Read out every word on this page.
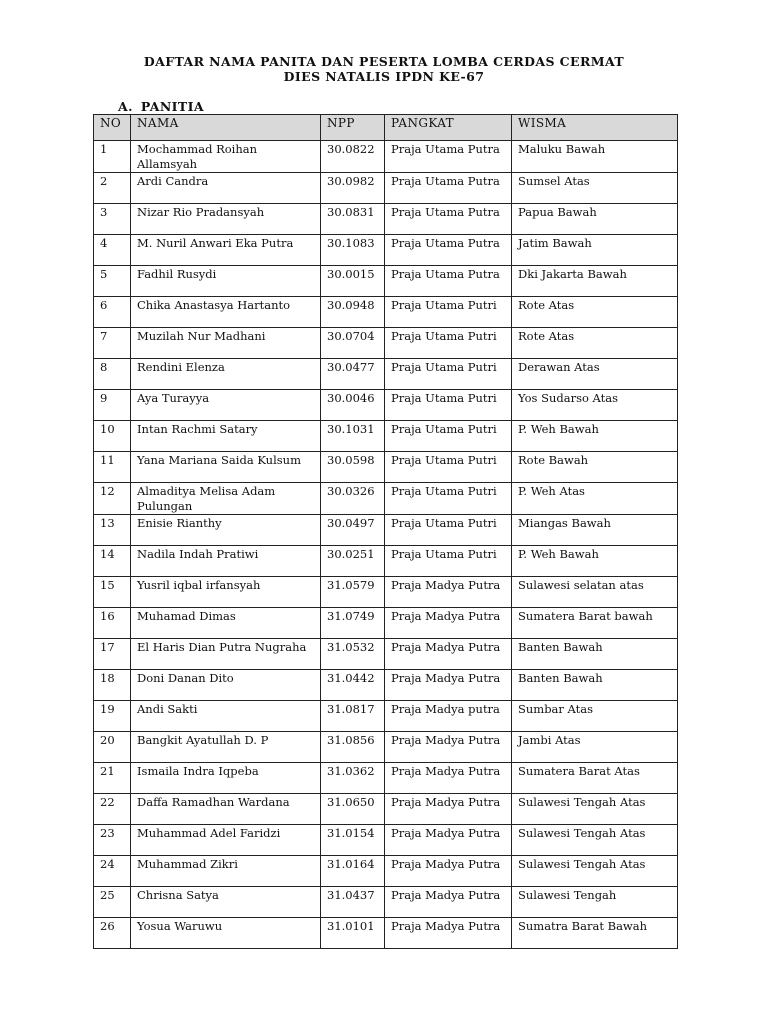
DAFTAR NAMA PANITA DAN PESERTA LOMBA CERDAS CERMAT
DIES NATALIS IPDN KE-67
A. PANITIA
NO	NAMA	NPP	PANGKAT	WISMA
1	Mochammad Roihan Allamsyah	30.0822	Praja Utama Putra	Maluku Bawah
2	Ardi Candra	30.0982	Praja Utama Putra	Sumsel Atas
3	Nizar Rio Pradansyah	30.0831	Praja Utama Putra	Papua Bawah
4	M. Nuril Anwari Eka Putra	30.1083	Praja Utama Putra	Jatim Bawah
5	Fadhil Rusydi	30.0015	Praja Utama Putra	Dki Jakarta Bawah
6	Chika Anastasya Hartanto	30.0948	Praja Utama Putri	Rote Atas
7	Muzilah Nur Madhani	30.0704	Praja Utama Putri	Rote Atas
8	Rendini Elenza	30.0477	Praja Utama Putri	Derawan Atas
9	Aya Turayya	30.0046	Praja Utama Putri	Yos Sudarso Atas
10	Intan Rachmi Satary	30.1031	Praja Utama Putri	P. Weh Bawah
11	Yana Mariana Saida Kulsum	30.0598	Praja Utama Putri	Rote Bawah
12	Almaditya Melisa Adam Pulungan	30.0326	Praja Utama Putri	P. Weh Atas
13	Enisie Rianthy	30.0497	Praja Utama Putri	Miangas Bawah
14	Nadila Indah Pratiwi	30.0251	Praja Utama Putri	P. Weh Bawah
15	Yusril iqbal irfansyah	31.0579	Praja Madya Putra	Sulawesi selatan atas
16	Muhamad Dimas	31.0749	Praja Madya Putra	Sumatera Barat bawah
17	El Haris Dian Putra Nugraha	31.0532	Praja Madya Putra	Banten Bawah
18	Doni Danan Dito	31.0442	Praja Madya Putra	Banten Bawah
19	Andi Sakti	31.0817	Praja Madya putra	Sumbar Atas
20	Bangkit Ayatullah D. P	31.0856	Praja Madya Putra	Jambi Atas
21	Ismaila Indra Iqpeba	31.0362	Praja Madya Putra	Sumatera Barat Atas
22	Daffa Ramadhan Wardana	31.0650	Praja Madya Putra	Sulawesi Tengah Atas
23	Muhammad Adel Faridzi	31.0154	Praja Madya Putra	Sulawesi Tengah Atas
24	Muhammad Zikri	31.0164	Praja Madya Putra	Sulawesi Tengah Atas
25	Chrisna Satya	31.0437	Praja Madya Putra	Sulawesi Tengah
26	Yosua Waruwu	31.0101	Praja Madya Putra	Sumatra Barat Bawah
